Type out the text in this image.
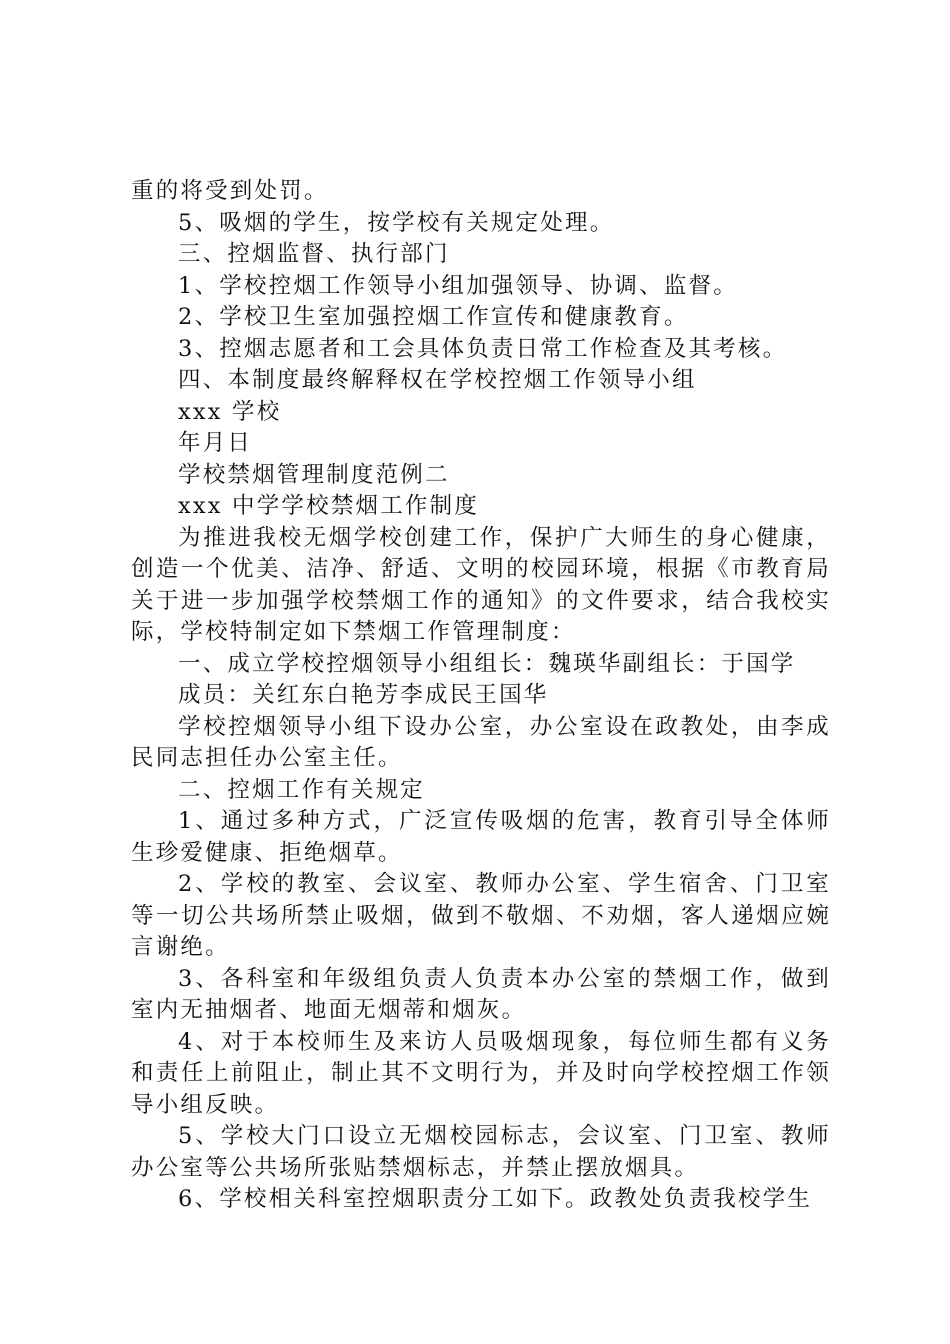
重的将受到处罚。

5、吸烟的学生，按学校有关规定处理。

三、控烟监督、执行部门

1、学校控烟工作领导小组加强领导、协调、监督。

2、学校卫生室加强控烟工作宣传和健康教育。

3、控烟志愿者和工会具体负责日常工作检查及其考核。

四、本制度最终解释权在学校控烟工作领导小组

xxx 学校

年月日

学校禁烟管理制度范例二

xxx 中学学校禁烟工作制度

为推进我校无烟学校创建工作，保护广大师生的身心健康，创造一个优美、洁净、舒适、文明的校园环境，根据《市教育局关于进一步加强学校禁烟工作的通知》的文件要求，结合我校实际，学校特制定如下禁烟工作管理制度：

一、成立学校控烟领导小组组长：魏瑛华副组长：于国学

成员：关红东白艳芳李成民王国华

学校控烟领导小组下设办公室，办公室设在政教处，由李成民同志担任办公室主任。

二、控烟工作有关规定

1、通过多种方式，广泛宣传吸烟的危害，教育引导全体师生珍爱健康、拒绝烟草。

2、学校的教室、会议室、教师办公室、学生宿舍、门卫室等一切公共场所禁止吸烟，做到不敬烟、不劝烟，客人递烟应婉言谢绝。

3、各科室和年级组负责人负责本办公室的禁烟工作，做到室内无抽烟者、地面无烟蒂和烟灰。

4、对于本校师生及来访人员吸烟现象，每位师生都有义务和责任上前阻止，制止其不文明行为，并及时向学校控烟工作领导小组反映。

5、学校大门口设立无烟校园标志，会议室、门卫室、教师办公室等公共场所张贴禁烟标志，并禁止摆放烟具。

6、学校相关科室控烟职责分工如下。政教处负责我校学生
